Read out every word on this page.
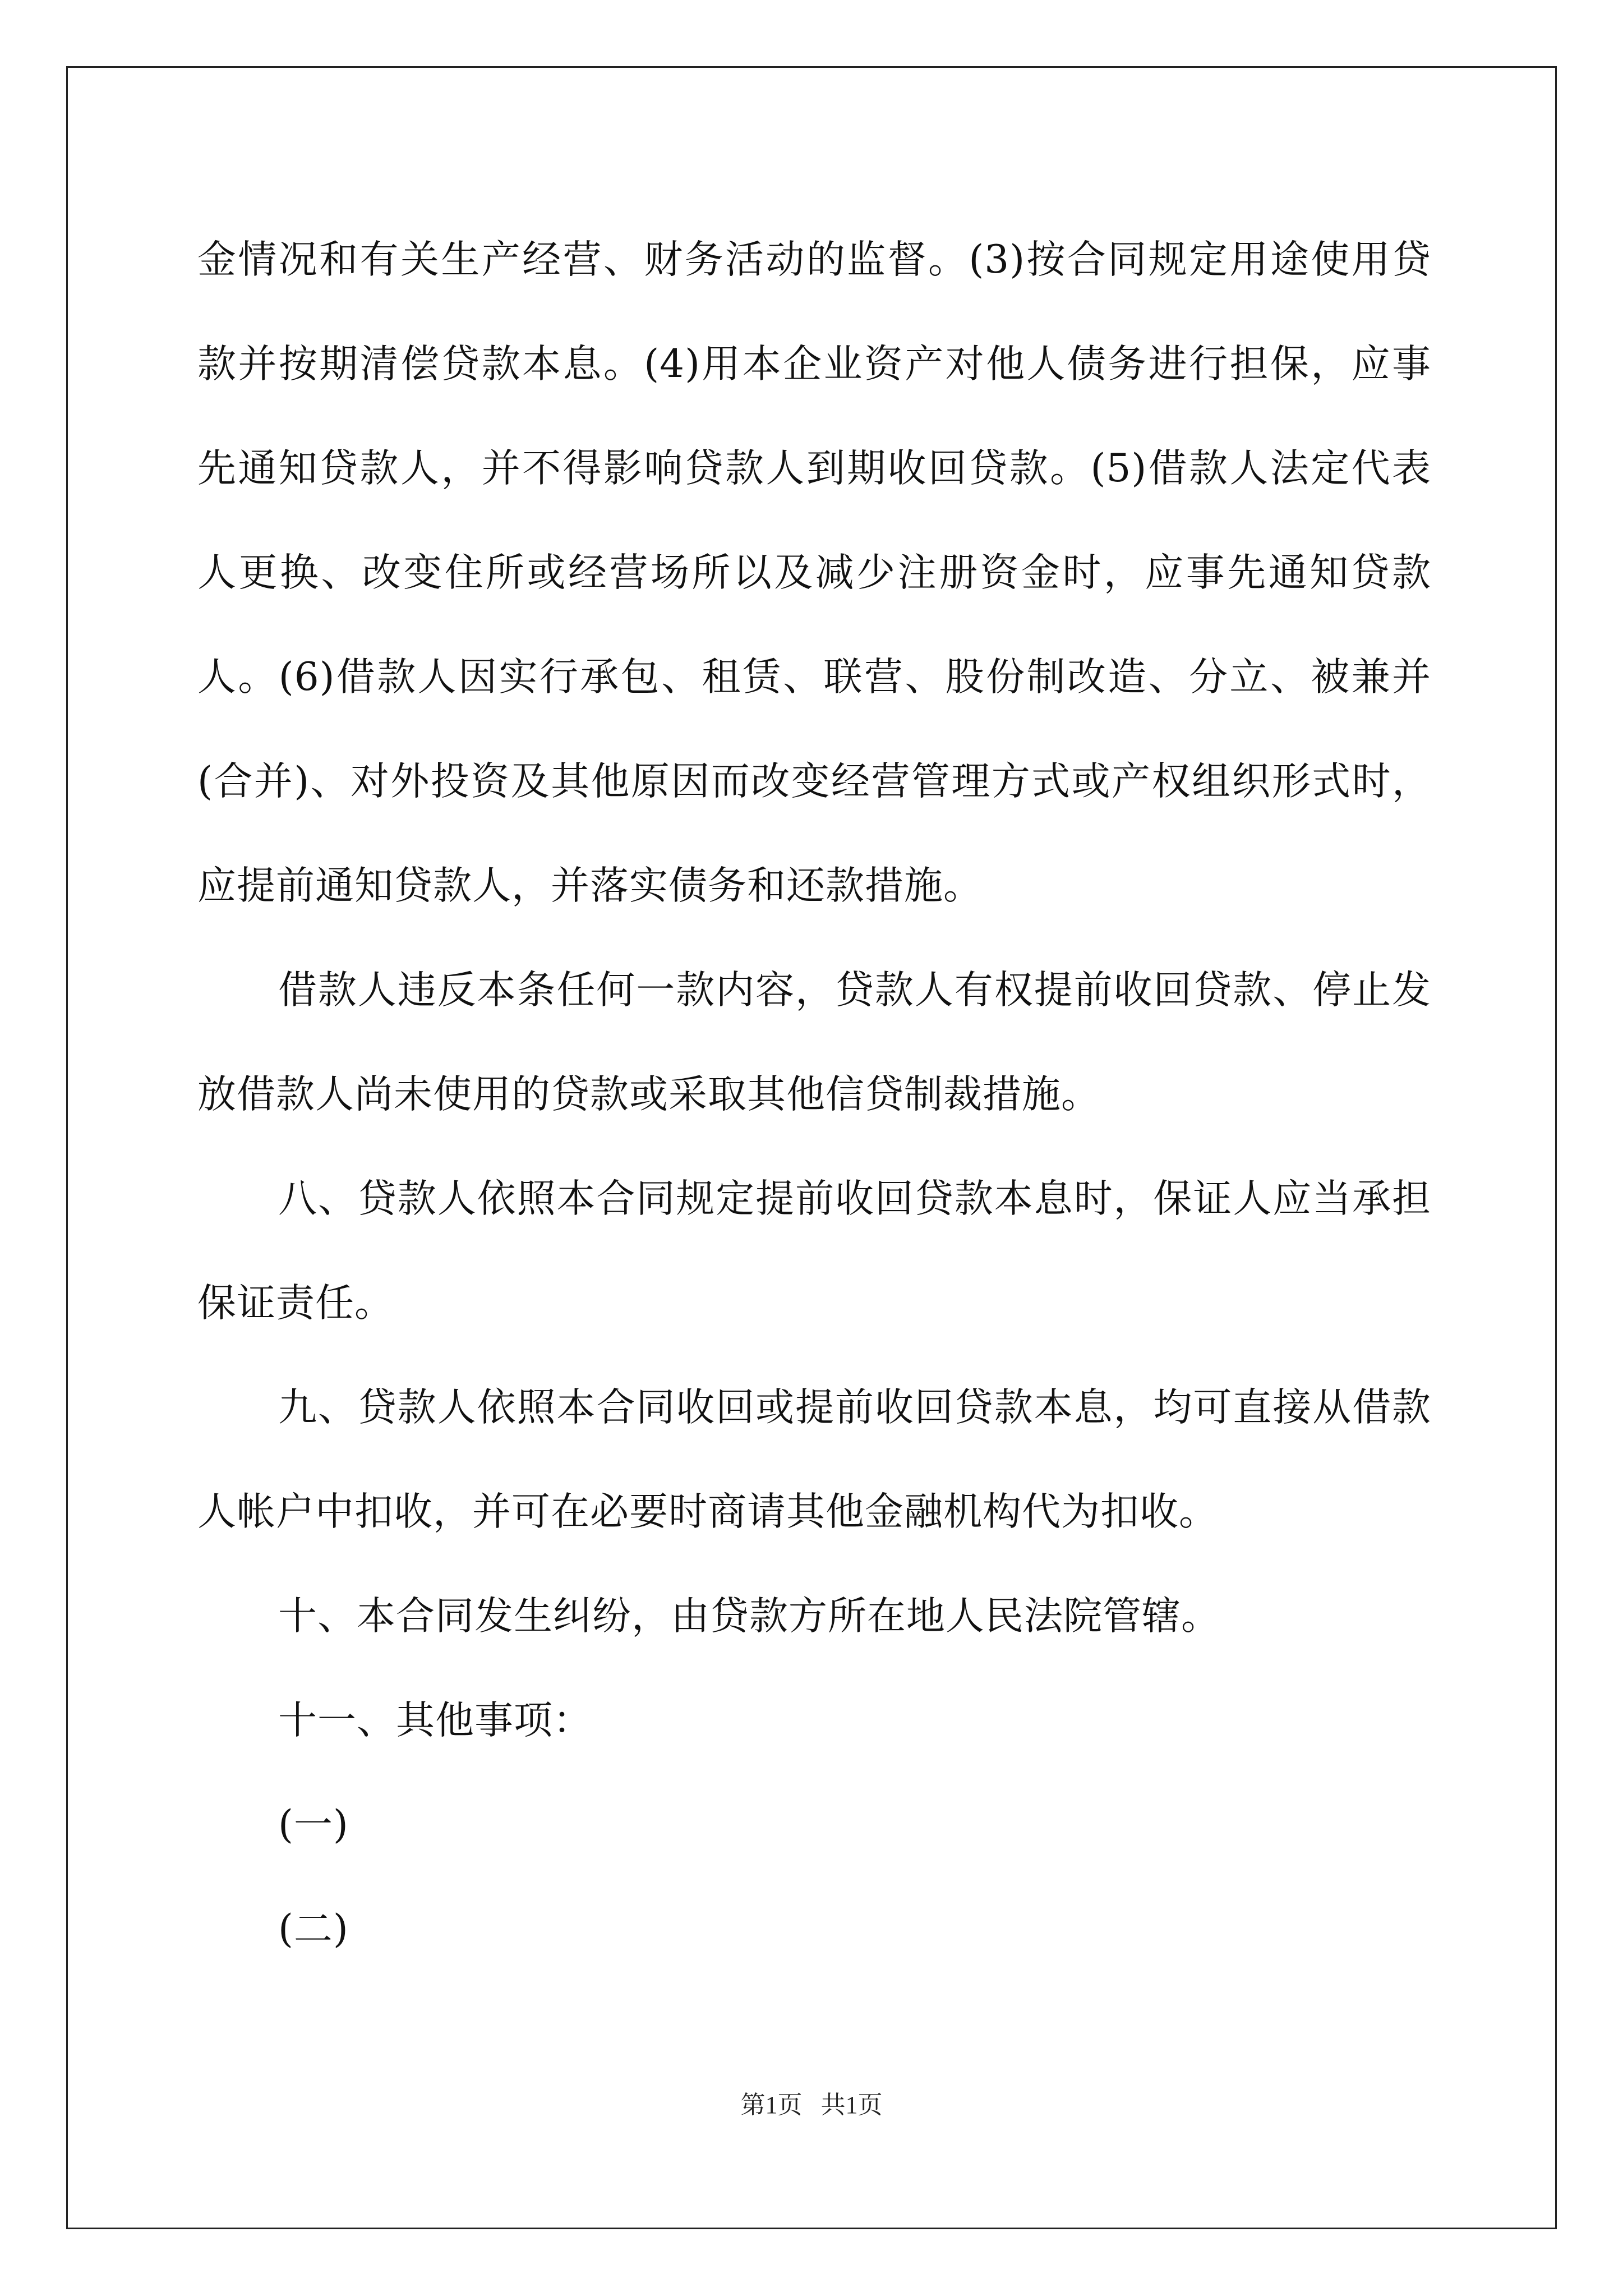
金情况和有关生产经营、财务活动的监督。(3)按合同规定用途使用贷款并按期清偿贷款本息。(4)用本企业资产对他人债务进行担保，应事先通知贷款人，并不得影响贷款人到期收回贷款。(5)借款人法定代表人更换、改变住所或经营场所以及减少注册资金时，应事先通知贷款人。(6)借款人因实行承包、租赁、联营、股份制改造、分立、被兼并(合并)、对外投资及其他原因而改变经营管理方式或产权组织形式时，应提前通知贷款人，并落实债务和还款措施。

借款人违反本条任何一款内容，贷款人有权提前收回贷款、停止发放借款人尚未使用的贷款或采取其他信贷制裁措施。

八、贷款人依照本合同规定提前收回贷款本息时，保证人应当承担保证责任。

九、贷款人依照本合同收回或提前收回贷款本息，均可直接从借款人帐户中扣收，并可在必要时商请其他金融机构代为扣收。

十、本合同发生纠纷，由贷款方所在地人民法院管辖。

十一、其他事项：

(一)

(二)

第1页   共1页
